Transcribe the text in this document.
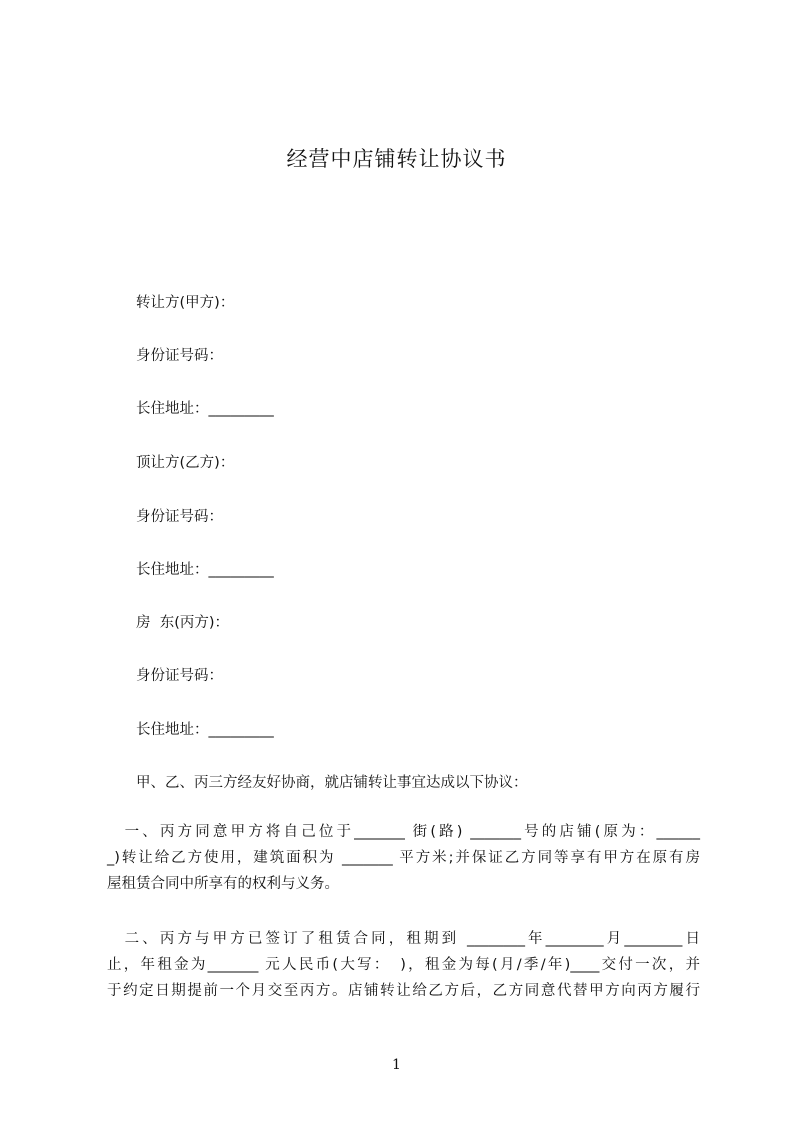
经营中店铺转让协议书
转让方(甲方)：
身份证号码：
长住地址：_________
顶让方(乙方)：
身份证号码：
长住地址：_________
房  东(丙方)：
身份证号码：
长住地址：_________
甲、乙、丙三方经友好协商，就店铺转让事宜达成以下协议：
　一、丙方同意甲方将自己位于_______ 街(路) _______号的店铺(原为：______
_)转让给乙方使用，建筑面积为 _______ 平方米;并保证乙方同等享有甲方在原有房
屋租赁合同中所享有的权利与义务。
　二、丙方与甲方已签订了租赁合同，租期到 ________年________月________日
止，年租金为_______ 元人民币(大写：　)，租金为每(月/季/年)____交付一次，并
于约定日期提前一个月交至丙方。店铺转让给乙方后，乙方同意代替甲方向丙方履行
1
